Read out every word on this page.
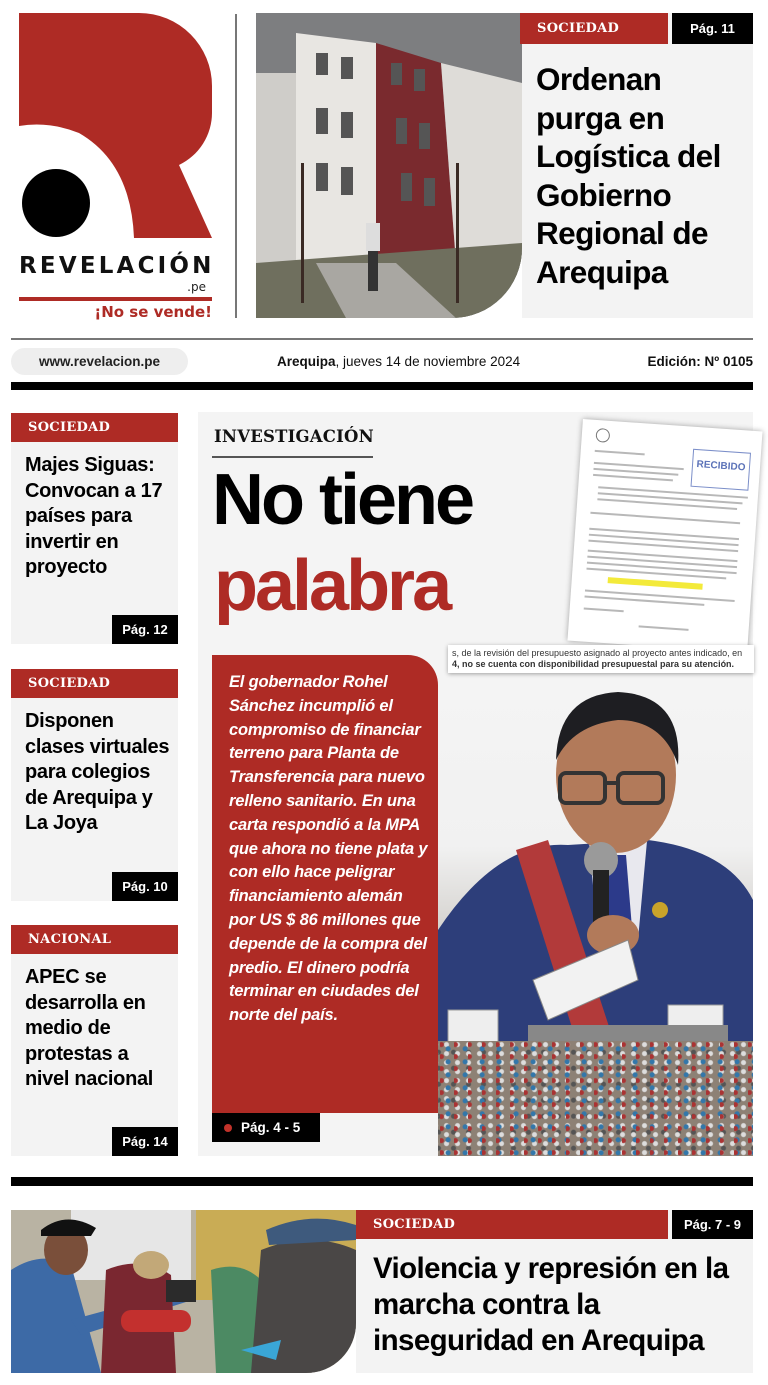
REVELACIÓN
.pe
¡No se vende!
SOCIEDAD	Pág. 11
Ordenan purga en Logística del Gobierno Regional de Arequipa
www.revelacion.pe	Arequipa, jueves 14 de noviembre 2024	Edición: Nº 0105
SOCIEDAD
Majes Siguas: Convocan a 17 países para invertir en proyecto
Pág. 12
SOCIEDAD
Disponen clases virtuales para colegios de Arequipa y La Joya
Pág. 10
NACIONAL
APEC se desarrolla en medio de protestas a nivel nacional
Pág. 14
INVESTIGACIÓN
No tiene
palabra
RECIBIDO
s, de la revisión del presupuesto asignado al proyecto antes indicado, en
4, no se cuenta con disponibilidad presupuestal para su atención.
El gobernador Rohel Sánchez incumplió el compromiso de financiar terreno para Planta de Transferencia para nuevo relleno sanitario. En una carta respondió a la MPA que ahora no tiene plata y con ello hace peligrar financiamiento alemán por US $ 86 millones que depende de la compra del predio. El dinero podría terminar en ciudades del norte del país.
Pág. 4 - 5
SOCIEDAD	Pág. 7 - 9
Violencia y represión en la marcha contra la inseguridad en Arequipa
